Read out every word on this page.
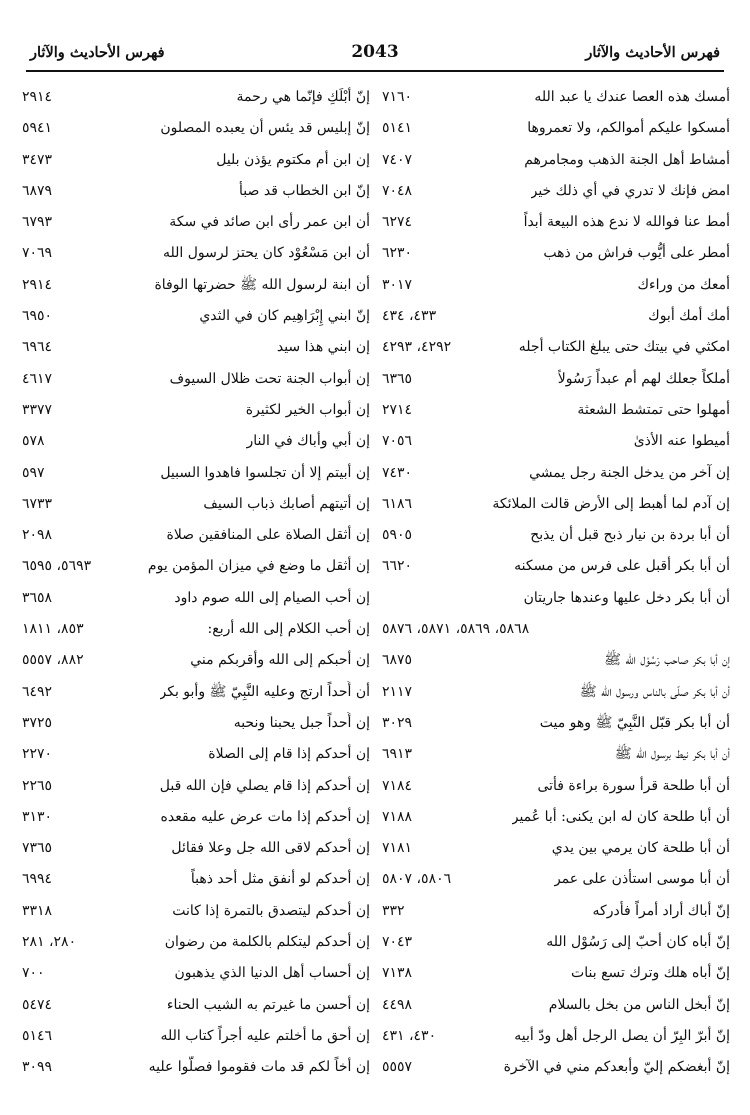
فهرس الأحاديث والآثار
2043
فهرس الأحاديث والآثار
أمسك هذه العصا عندك يا عبد الله
٧١٦٠
أمسكوا عليكم أموالكم، ولا تعمروها
٥١٤١
أمشاط أهل الجنة الذهب ومجامرهم
٧٤٠٧
امض فإنك لا تدري في أي ذلك خير
٧٠٤٨
أمط عنا فوالله لا ندع هذه البيعة أبداً
٦٢٧٤
أمطر على أيُّوب فراش من ذهب
٦٢٣٠
أمعك من وراءك
٣٠١٧
أمك أمك أبوك
٤٣٣، ٤٣٤
امكثي في بيتك حتى يبلغ الكتاب أجله
٤٢٩٢، ٤٢٩٣
أملكاً جعلك لهم أم عبداً رَسُولاً
٦٣٦٥
أمهلوا حتى تمتشط الشعثة
٢٧١٤
أميطوا عنه الأذىٰ
٧٠٥٦
إن آخر من يدخل الجنة رجل يمشي
٧٤٣٠
إن آدم لما أهبط إلى الأرض قالت الملائكة
٦١٨٦
أن أبا بردة بن نيار ذبح قبل أن يذبح
٥٩٠٥
أن أبا بكر أقبل على فرس من مسكنه
٦٦٢٠
أن أبا بكر دخل عليها وعندها جاريتان
٥٨٦٨، ٥٨٦٩، ٥٨٧١، ٥٨٧٦
إن أبا بكر صاحب رَسُوْل الله ﷺ
٦٨٧٥
أن أبا بكر صلّى بالناس ورسول الله ﷺ
٢١١٧
أن أبا بكر قبّل النَّبِيّ ﷺ وهو ميت
٣٠٢٩
أن أبا بكر نيط برسول الله ﷺ
٦٩١٣
أن أبا طلحة قرأ سورة براءة فأتى
٧١٨٤
أن أبا طلحة كان له ابن يكنى: أبا عُمير
٧١٨٨
أن أبا طلحة كان يرمي بين يدي
٧١٨١
أن أبا موسى استأذن على عمر
٥٨٠٦، ٥٨٠٧
إنّ أباك أراد أمراً فأدركه
٣٣٢
إنّ أباه كان أحبّ إلى رَسُوْل الله
٧٠٤٣
إنّ أباه هلك وترك تسع بنات
٧١٣٨
إنّ أبخل الناس من بخل بالسلام
٤٤٩٨
إنّ أبرّ البِرّ أن يصل الرجل أهل ودّ أبيه
٤٣٠، ٤٣١
إنّ أبغضكم إليّ وأبعدكم مني في الآخرة
٥٥٥٧
إنّ أبْلَكِ فإنّما هي رحمة
٢٩١٤
إنّ إبليس قد يئس أن يعبده المصلون
٥٩٤١
إن ابن أم مكتوم يؤذن بليل
٣٤٧٣
إنّ ابن الخطاب قد صبأ
٦٨٧٩
أن ابن عمر رأى ابن صائد في سكة
٦٧٩٣
أن ابن مَسْعُوْد كان يحتز لرسول الله
٧٠٦٩
أن ابنة لرسول الله ﷺ حضرتها الوفاة
٢٩١٤
إنّ ابني إِبْرَاهِيم كان في الثدي
٦٩٥٠
إن ابني هذا سيد
٦٩٦٤
إن أبواب الجنة تحت ظلال السيوف
٤٦١٧
إن أبواب الخير لكثيرة
٣٣٧٧
إن أبي وأباك في النار
٥٧٨
إن أبيتم إلا أن تجلسوا فاهدوا السبيل
٥٩٧
إن أتيتهم أصابك ذباب السيف
٦٧٣٣
إن أثقل الصلاة على المنافقين صلاة
٢٠٩٨
إن أثقل ما وضع في ميزان المؤمن يوم
٥٦٩٣، ٦٥٩٥
إن أحب الصيام إلى الله صوم داود
٣٦٥٨
إن أحب الكلام إلى الله أربع:
٨٥٣، ١٨١١
إن أحبكم إلى الله وأقربكم مني
٨٨٢، ٥٥٥٧
أن أُحداً ارتج وعليه النَّبِيّ ﷺ وأبو بكر
٦٤٩٢
إن أُحداً جبل يحبنا ونحبه
٣٧٢٥
إن أحدكم إذا قام إلى الصلاة
٢٢٧٠
إن أحدكم إذا قام يصلي فإن الله قبل
٢٢٦٥
إن أحدكم إذا مات عرض عليه مقعده
٣١٣٠
إن أحدكم لاقى الله جل وعلا فقائل
٧٣٦٥
إن أحدكم لو أنفق مثل أحد ذهباً
٦٩٩٤
إن أحدكم ليتصدق بالتمرة إذا كانت
٣٣١٨
إن أحدكم ليتكلم بالكلمة من رضوان
٢٨٠، ٢٨١
إن أحساب أهل الدنيا الذي يذهبون
٧٠٠
إن أحسن ما غيرتم به الشيب الحناء
٥٤٧٤
إن أحق ما أخلتم عليه أجراً كتاب الله
٥١٤٦
إن أخاً لكم قد مات فقوموا فصلّوا عليه
٣٠٩٩
